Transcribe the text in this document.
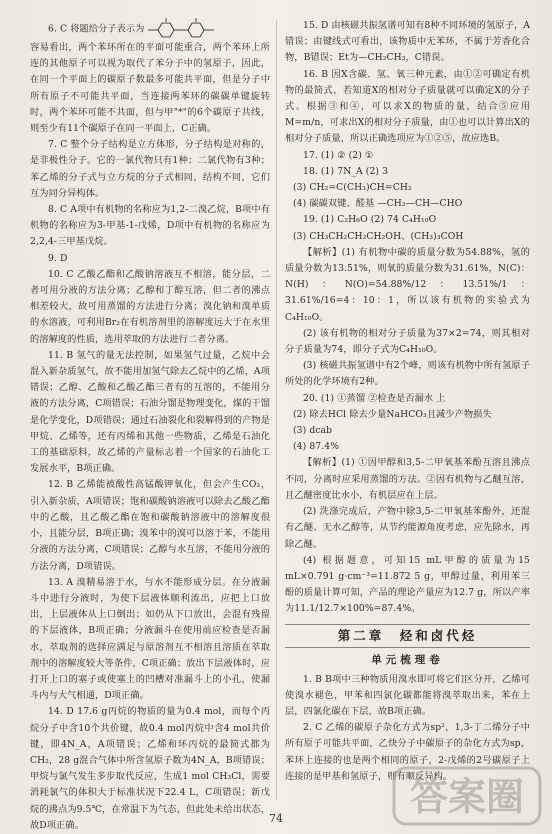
6. C 将题给分子表示为

容易看出，两个苯环所在的平面可能重合，两个苯环上所连的其他原子可以视为取代了苯分子中的氢原子，因此，在同一个平面上的碳原子数最多可能共平面，但是分子中所有原子不可能共平面，当连接两苯环的碳碳单键旋转时，两个苯环可能不共面，但与甲"*"的6个碳原子共线，则至少有11个碳原子在同一平面上，C正确。

7. C 整个分子结构是立方体形，分子结构是对称的，是非极性分子。它的一氯代物只有1种；二氯代物有3种；苯乙烯的分子式与立方烷的分子式相同，结构不同，它们互为同分异构体。

8. C A项中有机物的名称应为1,2-二溴乙烷，B项中有机物的名称应为3-甲基-1-戊烯，D项中有机物的名称应为2,2,4-三甲基戊烷。

9. D

10. C 乙酸乙酯和乙酸钠溶液互不相溶，能分层，二者可用分液的方法分离；乙醇和丁醇互溶，但二者的沸点相差较大，故可用蒸馏的方法进行分离；溴化钠和溴单质的水溶液，可利用Br₂在有机溶剂里的溶解度远大于在水里的溶解度的性质，选用萃取的方法进行二者分离。

11. B 氢气的量无法控制，如果氢气过量，乙烷中会混入新杂质氢气，故不能用加氢气除去乙烷中的乙烯，A项错误；乙醇、乙酸和乙酸乙酯三者有的互溶的，不能用分液的方法分离，C项错误；石油分馏是物理变化，煤的干馏是化学变化，D项错误；通过石油裂化和裂解得到的产物是甲烷、乙烯等，还有丙烯和其他一些物质，乙烯是石油化工的基础原料，故乙烯的产量标志着一个国家的石油化工发展水平，B项正确。

12. B 乙烯能被酸性高锰酸钾氧化，但会产生CO₂，引入新杂质，A项错误；饱和碳酸钠溶液可以除去乙酸乙酯中的乙酸，且乙酸乙酯在饱和碳酸钠溶液中的溶解度很小，且能分层，B项正确；溴苯中的溴可以溶于苯，不能用分液的方法分离，C项错误；乙醇与水互溶，不能用分液的方法分离，D项错误。

13. A 溴精易溶于水，与水不能形成分层。在分液漏斗中进行分液时，为使下层液体顺利流出，应把上口放出，上层液体从上口倒出；如仍从下口放出，会混有残留的下层液体，B项正确；分液漏斗在使用前应检查是否漏水，萃取剂的选择应满足与原溶剂互不相溶且溶质在萃取剂中的溶解度较大等条件，C项正确；放出下层液体时，应打开上口的塞子或使塞上的凹槽对准漏斗上的小孔，使漏斗内与大气相通，D项正确。

14. D 17.6 g丙烷的物质的量为0.4 mol，而每个丙烷分子中含10个共价键，故0.4 mol丙烷中含4 mol共价键，即4N_A，A项错误；乙烯和环丙烷的最简式都为CH₂，28 g混合气体中所含氢原子数为4N_A，B项错误；甲烷与氯气发生多步取代反应，生成1 mol CH₃Cl，需要消耗氯气的体积大于标准状况下22.4 L，C项错误；新戊烷的沸点为9.5℃，在常温下为气态，但此处未给出状态，故D项正确。

15. D 由核磁共振氢谱可知有8种不同环境的氢原子，A错误；由键线式可看出，该物质中无苯环，不属于芳香化合物，B错误；Et为—CH₂CH₃，C错误。

16. B 因X含碳、氢、氧三种元素，由①②可确定有机物的最简式，若知道X的相对分子质量就可以确定X的分子式。根据③和④，可以求X的物质的量，结合⑤应用M=m/n，可求出X的相对分子质量，由①也可以计算出X的相对分子质量，所以正确选项应为①②⑤，故应选B。

17. (1) ② (2) ①

18. (1) 7N_A (2) 3

(3) CH₂=C(CH₃)CH=CH₂

(4) 碳碳双键、醛基 —CH₂—CH—CHO

19. (1) C₂H₆O (2) 74 C₄H₁₀O

(3) CH₃CH₂CH₂CH₂OH、(CH₃)₃COH

【解析】(1) 有机物中碳的质量分数为54.88%，氢的质量分数为13.51%，则氧的质量分数为31.61%，N(C)：N(H)：N(O)=54.88%/12：13.51%/1：31.61%/16=4：10：1，所以该有机物的实验式为C₄H₁₀O。

(2) 该有机物的相对分子质量为37×2=74，则其相对分子质量为74，即分子式为C₄H₁₀O。

(3) 核磁共振氢谱中有2个峰，则该有机物中所有氢原子所处的化学环境有2种。

20. (1) ①蒸馏 ②检查是否漏水 上

(2) 除去HCl 除去少量NaHCO₃且减少产物损失

(3) dcab

(4) 87.4%

【解析】(1) ①因甲醇和3,5-二甲氧基苯酚互溶且沸点不同，分离时应采用蒸馏的方法。②因有机物与乙醚互溶，且乙醚密度比水小，有机层应在上层。

(2) 洗涤完成后，产物中除3,5-二甲氧基苯酚外，还混有乙醚、无水乙醇等，从节约能源角度考虑，应先除水，再除乙醚。

(4) 根据题意，可知15 mL甲醇的质量为15 mL×0.791 g·cm⁻³=11.872 5 g，甲醇过量，利用苯三酚的质量计算可知，产品的理论产量应为12.7 g，所以产率为11.1/12.7×100%=87.4%。

第二章　烃和卤代烃
单元梳理卷

1. B B项中三种物质用溴水即可将它们区分开，乙烯可使溴水褪色，甲苯和四氯化碳都能将溴萃取出来，苯在上层，四氯化碳在下层，故B项正确。

2. C 乙烯的碳原子杂化方式为sp²，1,3-丁二烯分子中所有原子可能共平面，乙炔分子中碳原子的杂化方式为sp，苯环上连接的也是两个相同的原子，2-戊烯的2号碳原子上连接的是甲基和氢原子，则有顺反异构。

答案圈
74
